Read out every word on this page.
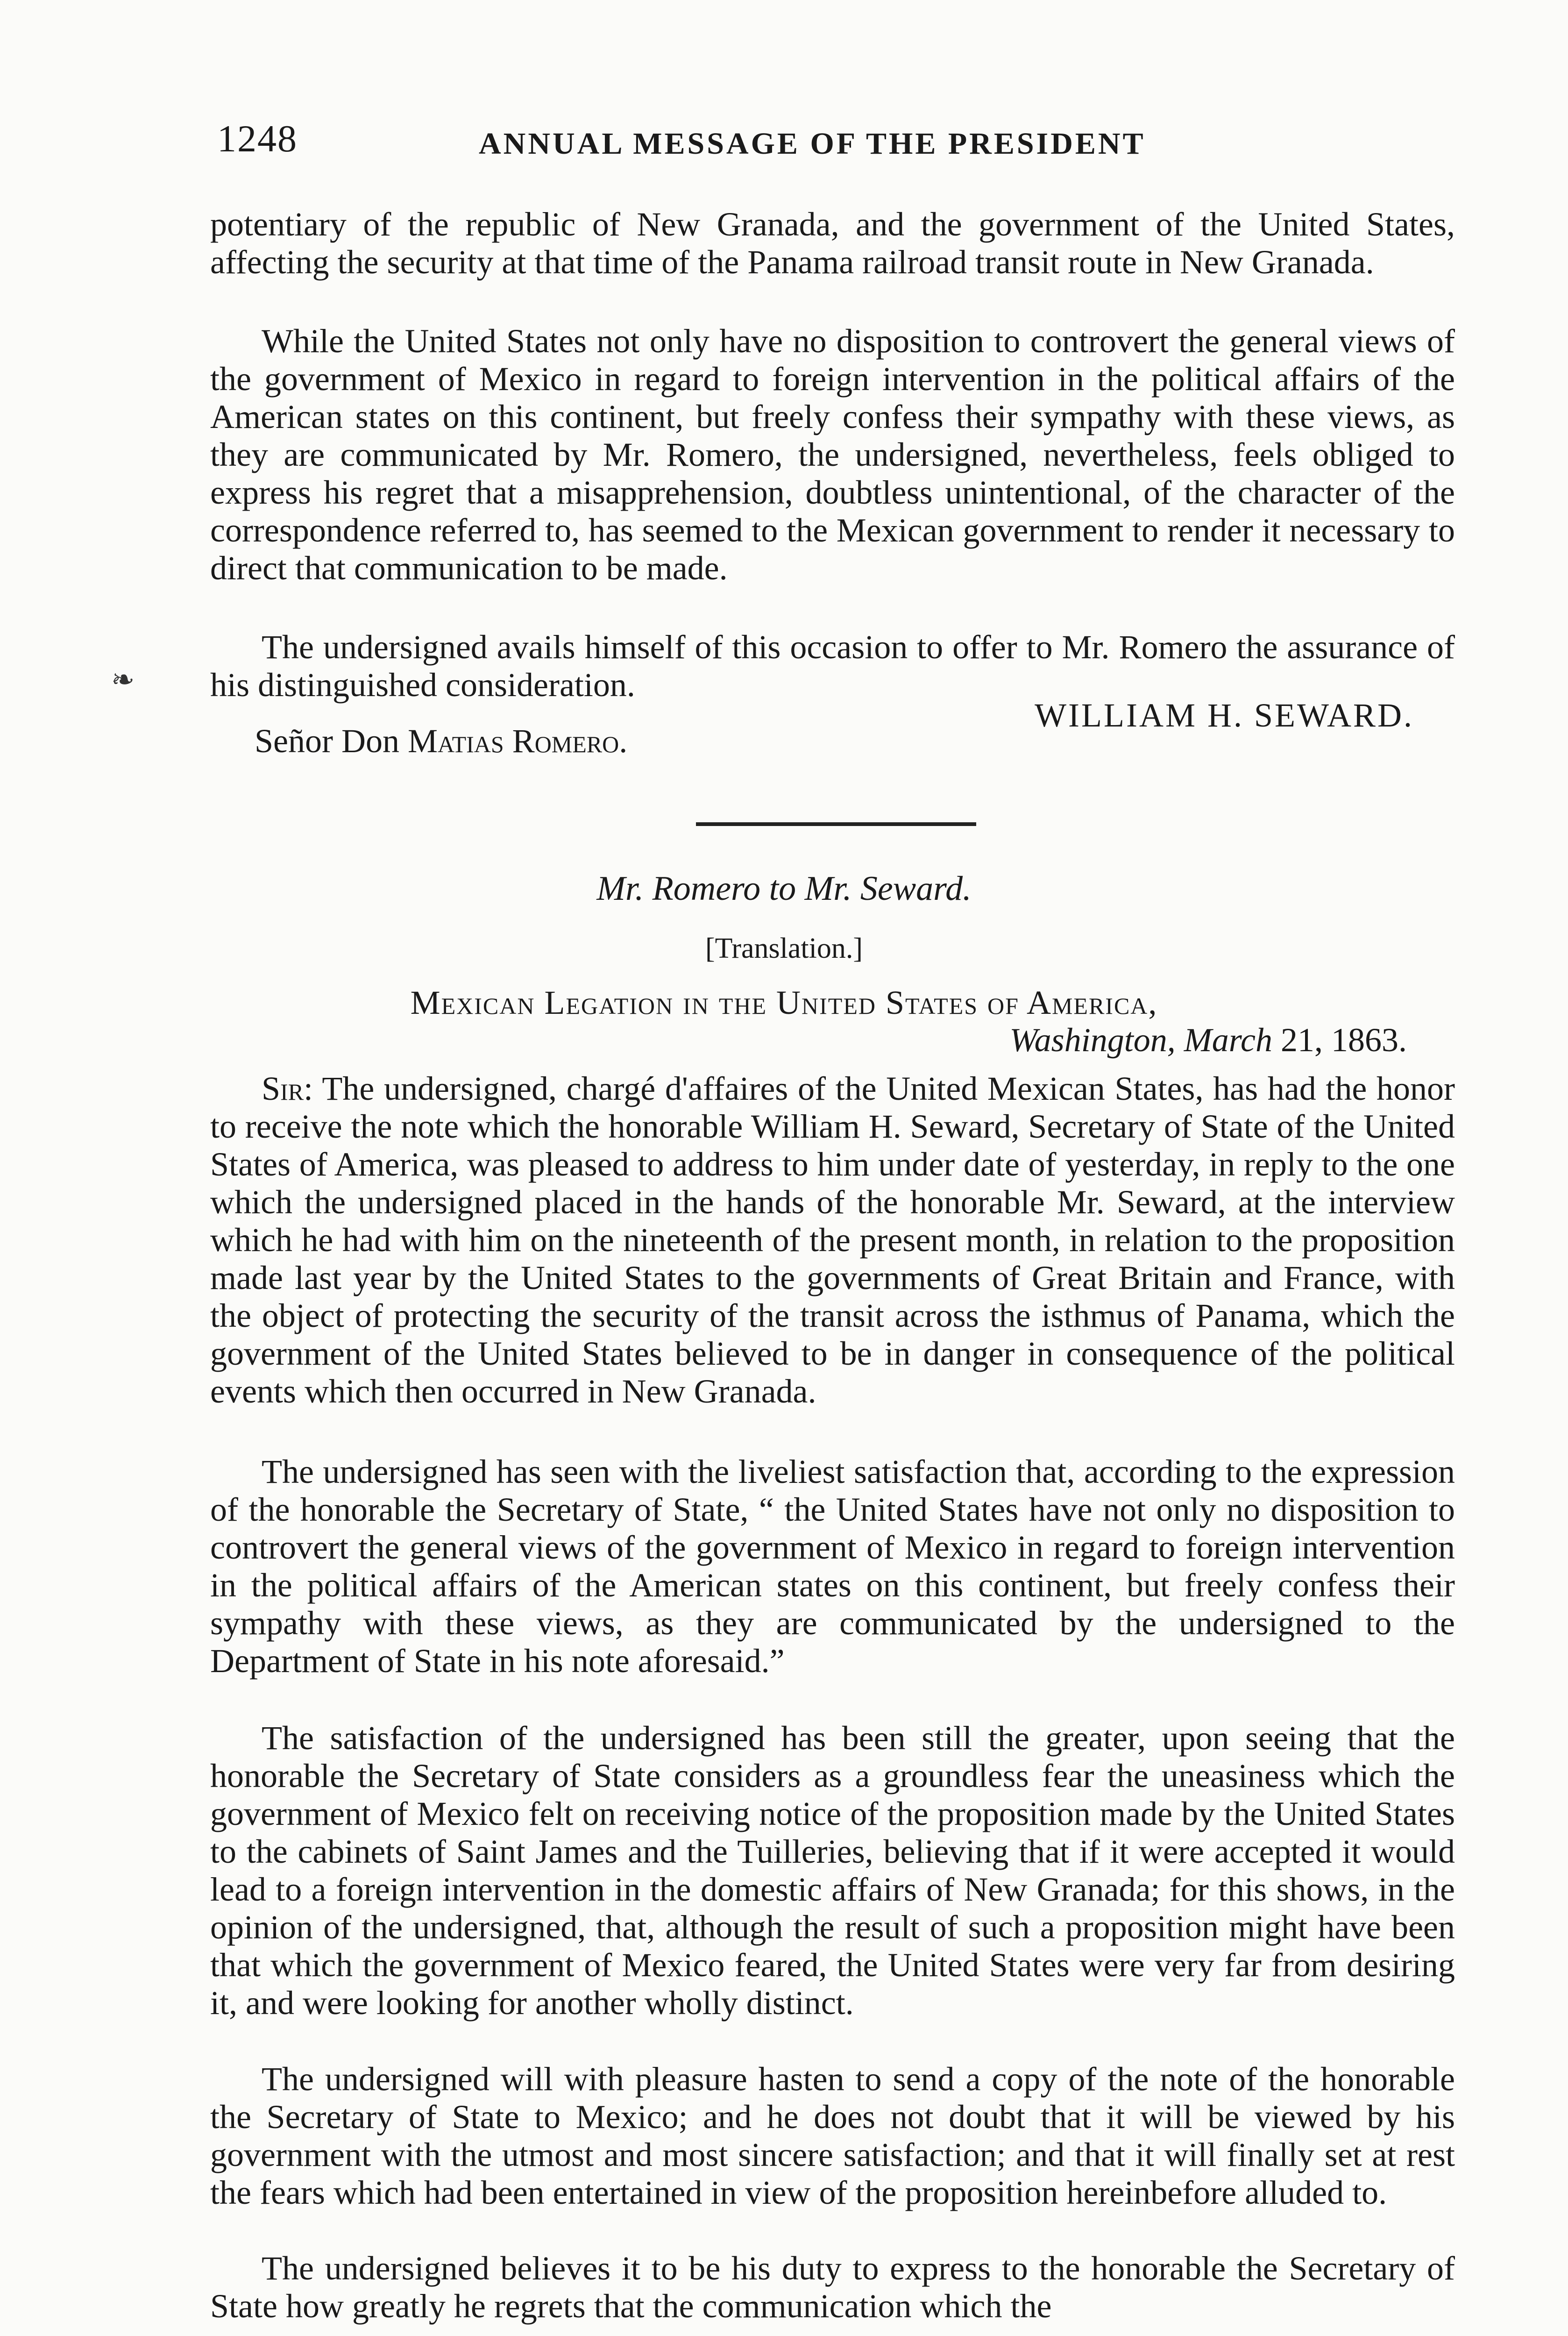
1248	ANNUAL MESSAGE OF THE PRESIDENT

potentiary of the republic of New Granada, and the government of the United States, affecting the security at that time of the Panama railroad transit route in New Granada.

While the United States not only have no disposition to controvert the general views of the government of Mexico in regard to foreign intervention in the political affairs of the American states on this continent, but freely confess their sympathy with these views, as they are communicated by Mr. Romero, the undersigned, nevertheless, feels obliged to express his regret that a misapprehension, doubtless unintentional, of the character of the correspondence referred to, has seemed to the Mexican government to render it necessary to direct that communication to be made.

The undersigned avails himself of this occasion to offer to Mr. Romero the assurance of his distinguished consideration.

❧
WILLIAM H. SEWARD.
Señor Don Matias Romero.
Mr. Romero to Mr. Seward.
[Translation.]
Mexican Legation in the United States of America,
Washington, March 21, 1863.

Sir: The undersigned, chargé d'affaires of the United Mexican States, has had the honor to receive the note which the honorable William H. Seward, Secretary of State of the United States of America, was pleased to address to him under date of yesterday, in reply to the one which the undersigned placed in the hands of the honorable Mr. Seward, at the interview which he had with him on the nineteenth of the present month, in relation to the proposition made last year by the United States to the governments of Great Britain and France, with the object of protecting the security of the transit across the isthmus of Panama, which the government of the United States believed to be in danger in consequence of the political events which then occurred in New Granada.

The undersigned has seen with the liveliest satisfaction that, according to the expression of the honorable the Secretary of State, “ the United States have not only no disposition to controvert the general views of the government of Mexico in regard to foreign intervention in the political affairs of the American states on this continent, but freely confess their sympathy with these views, as they are communicated by the undersigned to the Department of State in his note aforesaid.”

The satisfaction of the undersigned has been still the greater, upon seeing that the honorable the Secretary of State considers as a groundless fear the uneasiness which the government of Mexico felt on receiving notice of the proposition made by the United States to the cabinets of Saint James and the Tuilleries, believing that if it were accepted it would lead to a foreign intervention in the domestic affairs of New Granada; for this shows, in the opinion of the undersigned, that, although the result of such a proposition might have been that which the government of Mexico feared, the United States were very far from desiring it, and were looking for another wholly distinct.

The undersigned will with pleasure hasten to send a copy of the note of the honorable the Secretary of State to Mexico; and he does not doubt that it will be viewed by his government with the utmost and most sincere satisfaction; and that it will finally set at rest the fears which had been entertained in view of the proposition hereinbefore alluded to.

The undersigned believes it to be his duty to express to the honorable the Secretary of State how greatly he regrets that the communication which the
